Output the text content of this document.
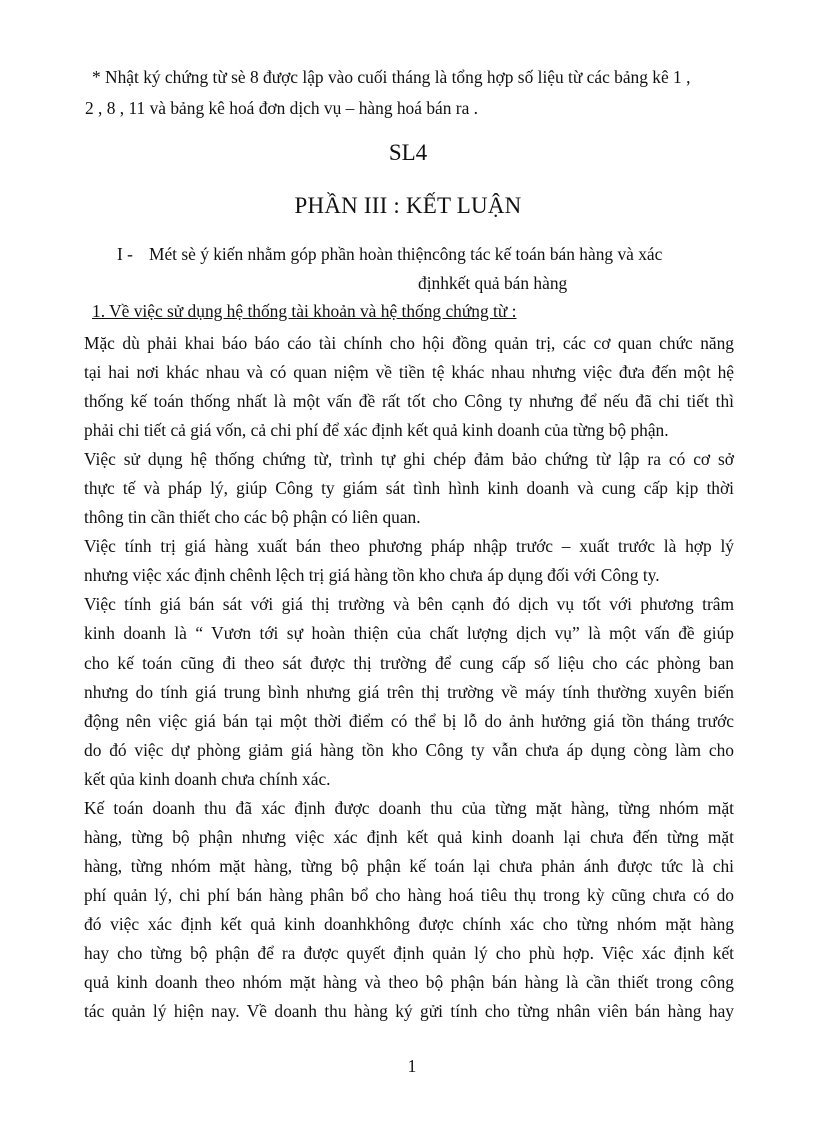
* Nhật ký chứng từ sè 8 được lập vào cuối tháng là tổng hợp số liệu từ các bảng kê 1 ,
2 , 8 , 11 và bảng kê hoá đơn dịch vụ – hàng hoá bán ra .
SL4
PHẦN III : KẾT LUẬN
I - Mét sè ý kiến nhằm góp phần hoàn thiệncông tác kế toán bán hàng và xác
địnhkết quả bán hàng
1. Về việc sử dụng hệ thống tài khoản và hệ thống chứng từ :
Mặc dù phải khai báo báo cáo tài chính cho hội đồng quản trị, các cơ quan chức năng
tại hai nơi khác nhau và có quan niệm về tiền tệ khác nhau nhưng việc đưa đến một hệ
thống kế toán thống nhất là một vấn đề rất tốt cho Công ty nhưng để nếu đã chi tiết thì
phải chi tiết cả giá vốn, cả chi phí để xác định kết quả kinh doanh của từng bộ phận.
Việc sử dụng hệ thống chứng từ, trình tự ghi chép đảm bảo chứng từ lập ra có cơ sở
thực tế và pháp lý, giúp Công ty giám sát tình hình kinh doanh và cung cấp kịp thời
thông tin cần thiết cho các bộ phận có liên quan.
Việc tính trị giá hàng xuất bán theo phương pháp nhập trước – xuất trước là hợp lý
nhưng việc xác định chênh lệch trị giá hàng tồn kho chưa áp dụng đối với Công ty.
Việc tính giá bán sát với giá thị trường và bên cạnh đó dịch vụ tốt với phương trâm
kinh doanh là “ Vươn tới sự hoàn thiện của chất lượng dịch vụ” là một vấn đề giúp
cho kế toán cũng đi theo sát được thị trường để cung cấp số liệu cho các phòng ban
nhưng do tính giá trung bình nhưng giá trên thị trường về máy tính thường xuyên biến
động nên việc giá bán tại một thời điểm có thể bị lỗ do ảnh hưởng giá tồn tháng trước
do đó việc dự phòng giảm giá hàng tồn kho Công ty vẫn chưa áp dụng còng làm cho
kết qủa kinh doanh chưa chính xác.
Kế toán doanh thu đã xác định được doanh thu của từng mặt hàng, từng nhóm mặt
hàng, từng bộ phận nhưng việc xác định kết quả kinh doanh lại chưa đến từng mặt
hàng, từng nhóm mặt hàng, từng bộ phận kế toán lại chưa phản ánh được tức là chi
phí quản lý, chi phí bán hàng phân bổ cho hàng hoá tiêu thụ trong kỳ cũng chưa có do
đó việc xác định kết quả kinh doanhkhông được chính xác cho từng nhóm mặt hàng
hay cho từng bộ phận để ra được quyết định quản lý cho phù hợp. Việc xác định kết
quả kinh doanh theo nhóm mặt hàng và theo bộ phận bán hàng là cần thiết trong công
tác quản lý hiện nay. Về doanh thu hàng ký gửi tính cho từng nhân viên bán hàng hay
1
